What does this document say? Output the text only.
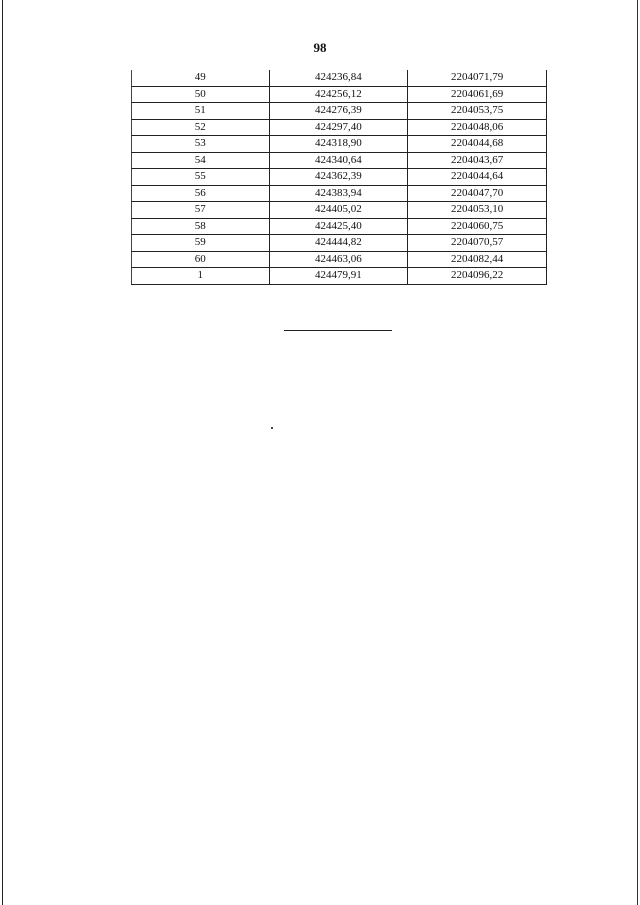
98
49	424236,84	2204071,79
50	424256,12	2204061,69
51	424276,39	2204053,75
52	424297,40	2204048,06
53	424318,90	2204044,68
54	424340,64	2204043,67
55	424362,39	2204044,64
56	424383,94	2204047,70
57	424405,02	2204053,10
58	424425,40	2204060,75
59	424444,82	2204070,57
60	424463,06	2204082,44
1	424479,91	2204096,22
